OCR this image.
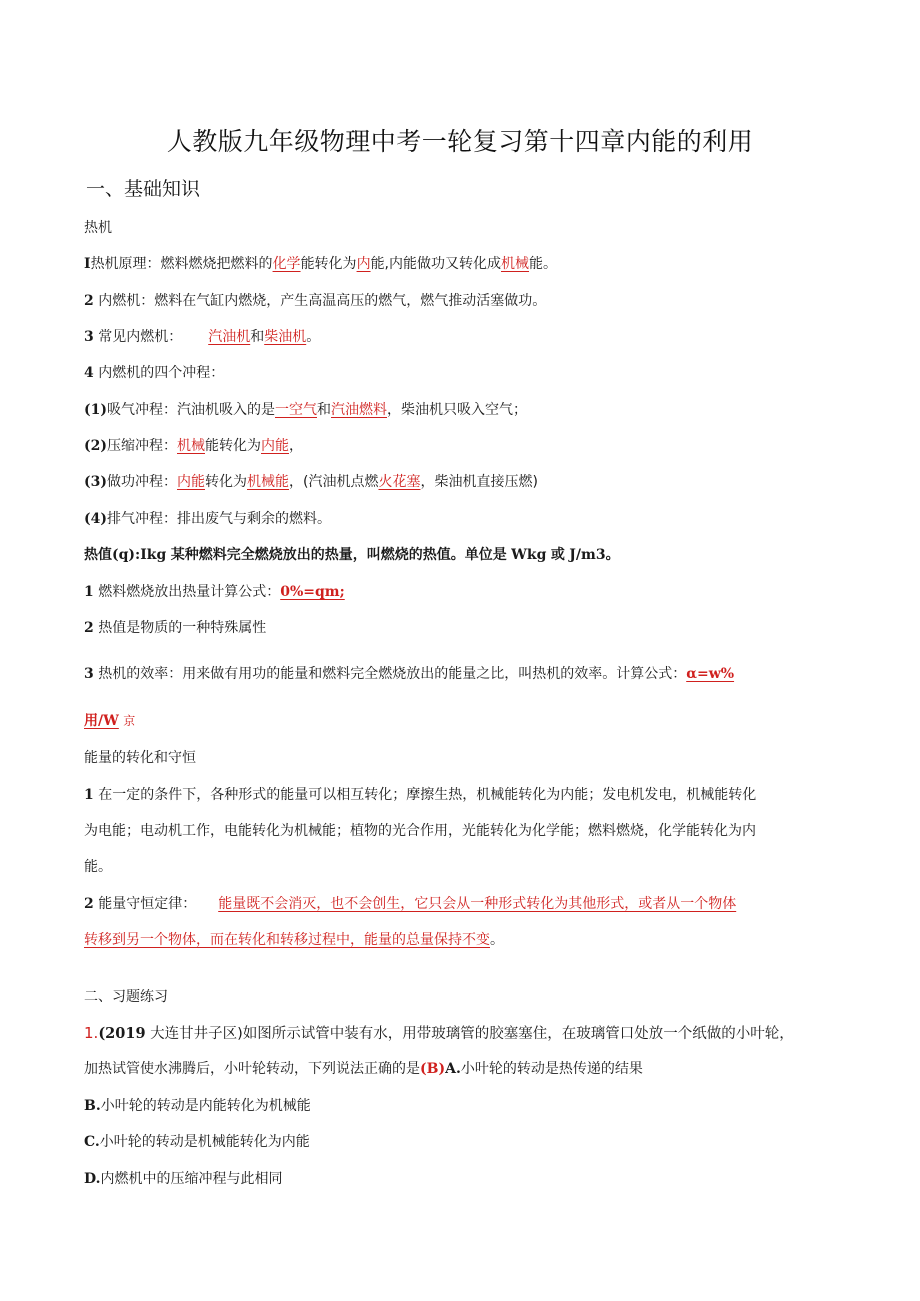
人教版九年级物理中考一轮复习第十四章内能的利用
一、基础知识
热机
I热机原理：燃料燃烧把燃料的化学能转化为内能,内能做功又转化成机械能。
2 内燃机：燃料在气缸内燃烧，产生高温高压的燃气，燃气推动活塞做功。
3 常见内燃机： 汽油机和柴油机。
4 内燃机的四个冲程：
(1)吸气冲程：汽油机吸入的是一空气和汽油燃料，柴油机只吸入空气；
(2)压缩冲程：机械能转化为内能，
(3)做功冲程：内能转化为机械能，(汽油机点燃火花塞，柴油机直接压燃)
(4)排气冲程：排出废气与剩余的燃料。
热值(q):Ikg 某种燃料完全燃烧放出的热量，叫燃烧的热值。单位是 Wkg 或 J/m3。
1 燃料燃烧放出热量计算公式：0%=qm;
2 热值是物质的一种特殊属性
3 热机的效率：用来做有用功的能量和燃料完全燃烧放出的能量之比，叫热机的效率。计算公式：α=w%
用/W 京
能量的转化和守恒
1 在一定的条件下，各种形式的能量可以相互转化；摩擦生热，机械能转化为内能；发电机发电，机械能转化
为电能；电动机工作，电能转化为机械能；植物的光合作用，光能转化为化学能；燃料燃烧，化学能转化为内
能。
2 能量守恒定律： 能量既不会消灭，也不会创生，它只会从一种形式转化为其他形式，或者从一个物体
转移到另一个物体，而在转化和转移过程中，能量的总量保持不变。
二、习题练习
1.(2019 大连甘井子区)如图所示试管中装有水，用带玻璃管的胶塞塞住，在玻璃管口处放一个纸做的小叶轮，
加热试管使水沸腾后，小叶轮转动，下列说法正确的是(B)A.小叶轮的转动是热传递的结果
B.小叶轮的转动是内能转化为机械能
C.小叶轮的转动是机械能转化为内能
D.内燃机中的压缩冲程与此相同
